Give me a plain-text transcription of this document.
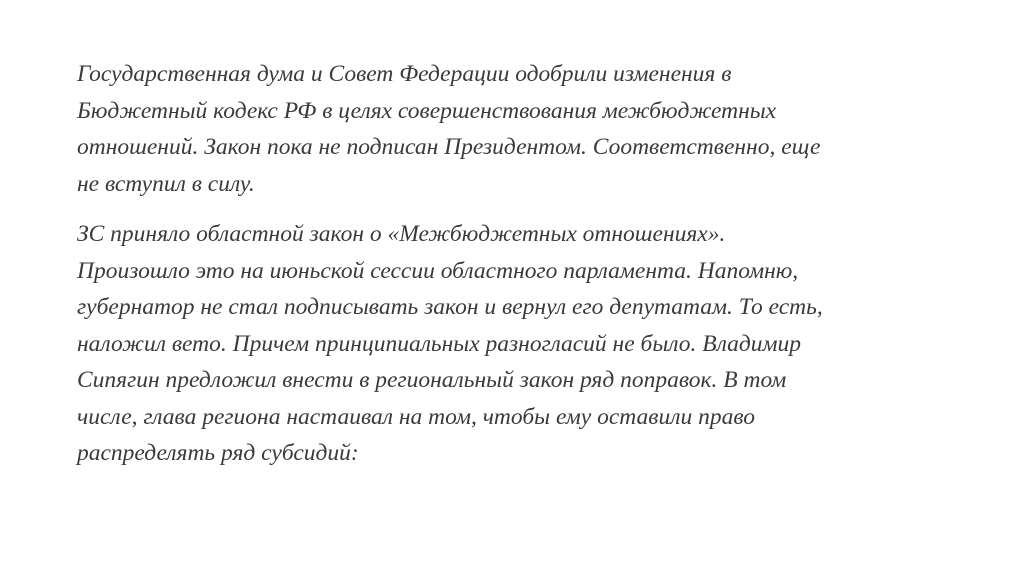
Государственная дума и Совет Федерации одобрили изменения в
Бюджетный кодекс РФ в целях совершенствования межбюджетных
отношений. Закон пока не подписан Президентом. Соответственно, еще
не вступил в силу.

ЗС приняло областной закон о «Межбюджетных отношениях».
Произошло это на июньской сессии областного парламента. Напомню,
губернатор не стал подписывать закон и вернул его депутатам. То есть,
наложил вето. Причем принципиальных разногласий не было. Владимир
Сипягин предложил внести в региональный закон ряд поправок. В том
числе, глава региона настаивал на том, чтобы ему оставили право
распределять ряд субсидий:
